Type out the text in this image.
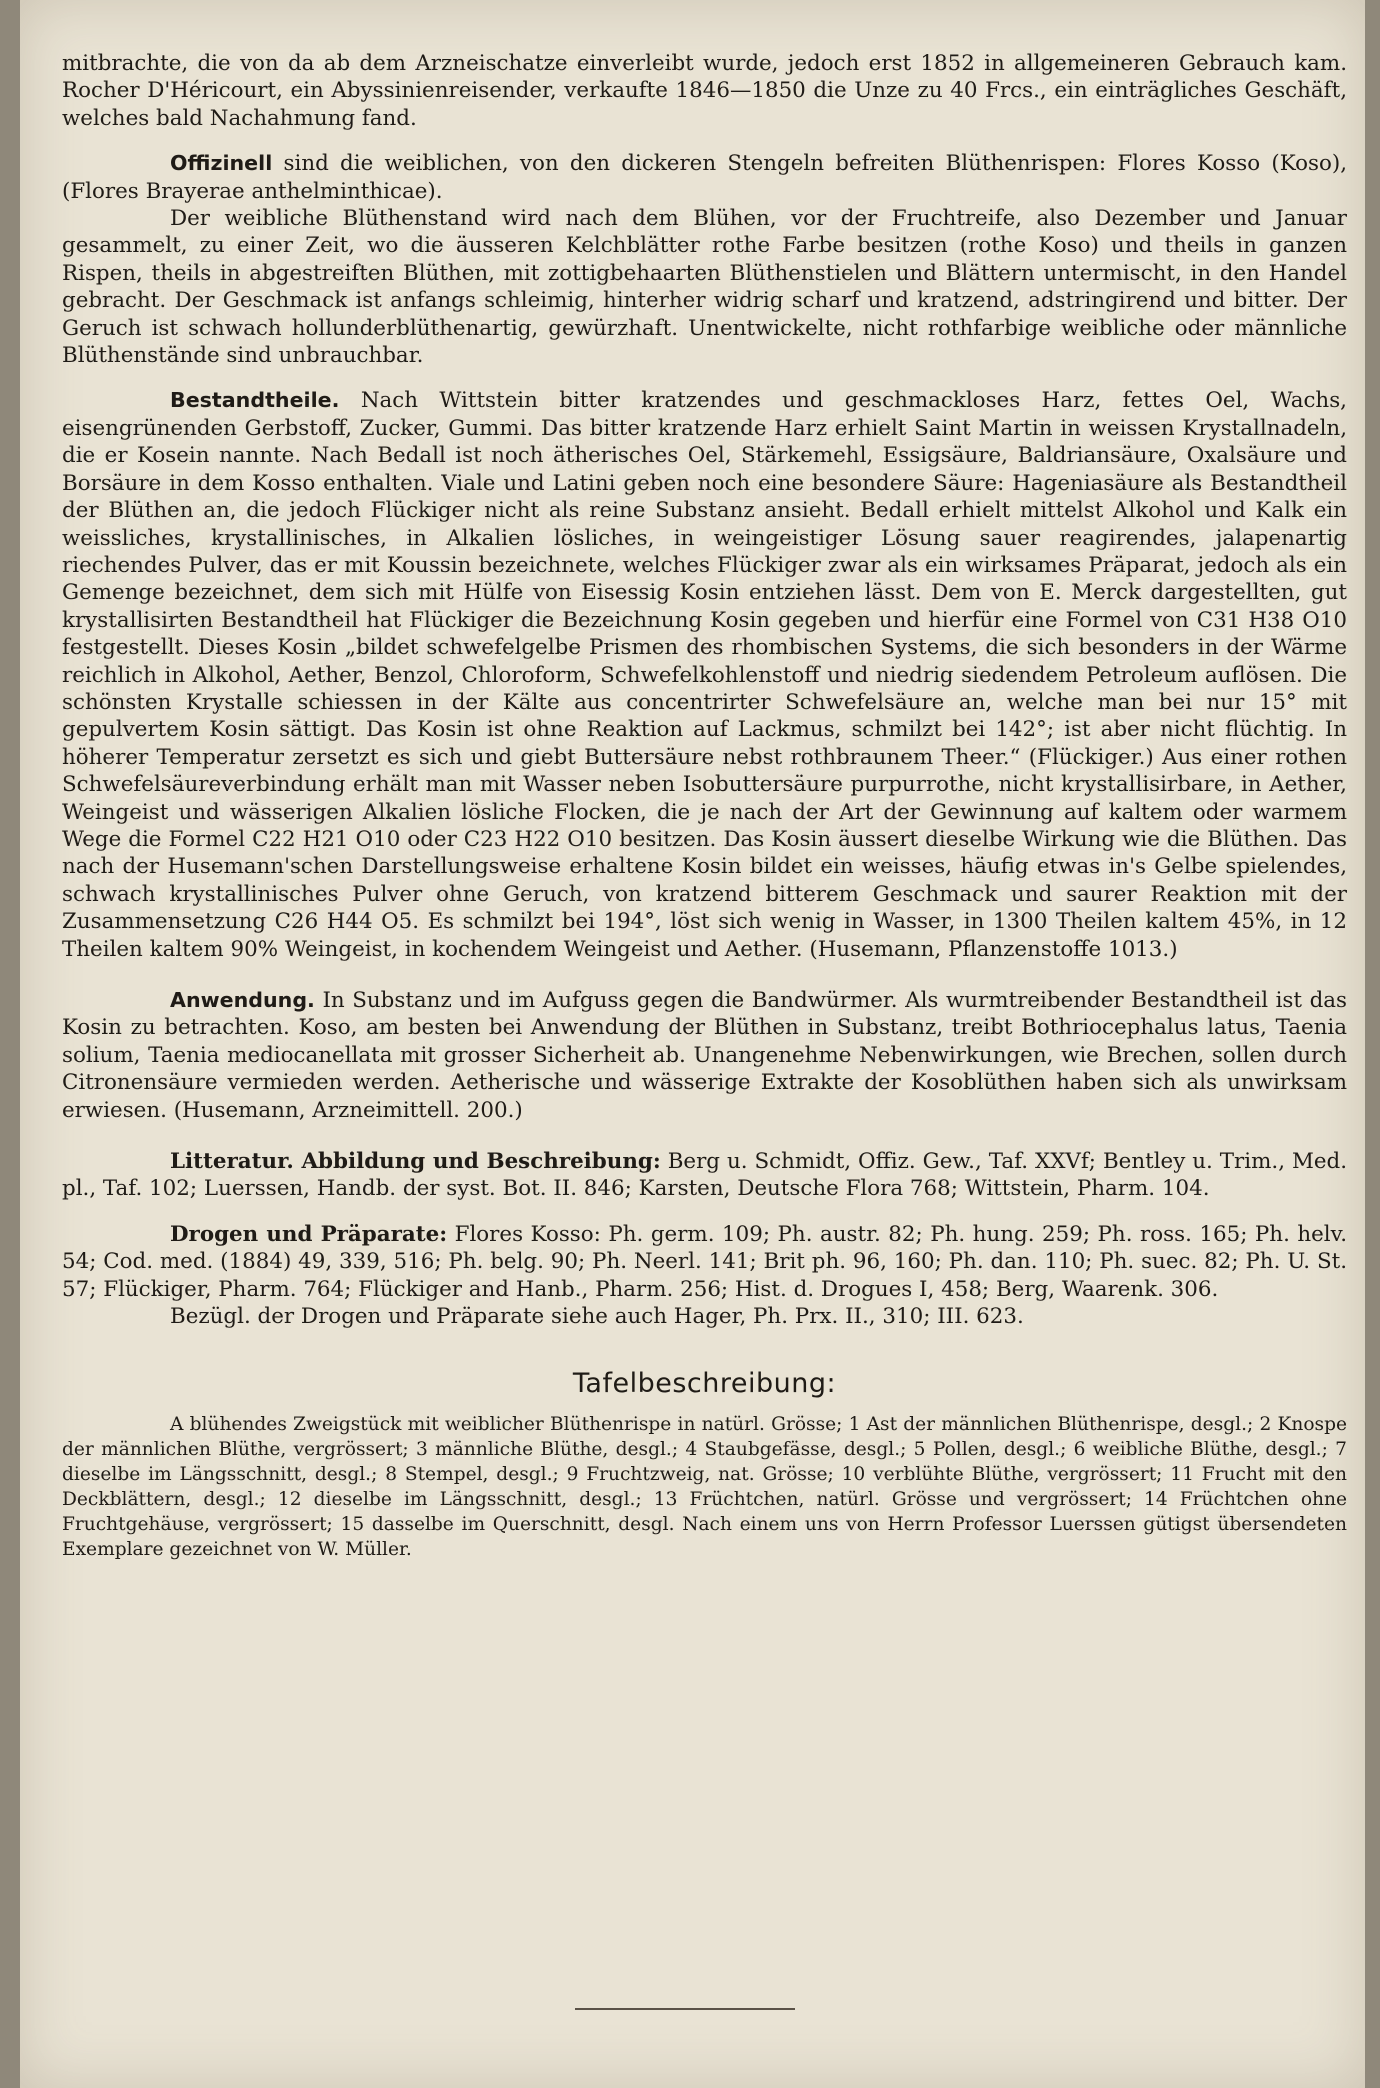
mitbrachte, die von da ab dem Arzneischatze einverleibt wurde, jedoch erst 1852 in allgemeineren Gebrauch kam. Rocher D'Héricourt, ein Abyssinienreisender, verkaufte 1846—1850 die Unze zu 40 Frcs., ein einträgliches Geschäft, welches bald Nachahmung fand.

Offizinell sind die weiblichen, von den dickeren Stengeln befreiten Blüthenrispen: Flores Kosso (Koso), (Flores Brayerae anthelminthicae).

Der weibliche Blüthenstand wird nach dem Blühen, vor der Fruchtreife, also Dezember und Januar gesammelt, zu einer Zeit, wo die äusseren Kelchblätter rothe Farbe besitzen (rothe Koso) und theils in ganzen Rispen, theils in abgestreiften Blüthen, mit zottigbehaarten Blüthenstielen und Blättern untermischt, in den Handel gebracht. Der Geschmack ist anfangs schleimig, hinterher widrig scharf und kratzend, adstringirend und bitter. Der Geruch ist schwach hollunderblüthenartig, gewürzhaft. Unentwickelte, nicht rothfarbige weibliche oder männliche Blüthenstände sind unbrauchbar.

Bestandtheile. Nach Wittstein bitter kratzendes und geschmackloses Harz, fettes Oel, Wachs, eisengrünenden Gerbstoff, Zucker, Gummi. Das bitter kratzende Harz erhielt Saint Martin in weissen Krystallnadeln, die er Kosein nannte. Nach Bedall ist noch ätherisches Oel, Stärkemehl, Essigsäure, Baldriansäure, Oxalsäure und Borsäure in dem Kosso enthalten. Viale und Latini geben noch eine besondere Säure: Hageniasäure als Bestandtheil der Blüthen an, die jedoch Flückiger nicht als reine Substanz ansieht. Bedall erhielt mittelst Alkohol und Kalk ein weissliches, krystallinisches, in Alkalien lösliches, in weingeistiger Lösung sauer reagirendes, jalapenartig riechendes Pulver, das er mit Koussin bezeichnete, welches Flückiger zwar als ein wirksames Präparat, jedoch als ein Gemenge bezeichnet, dem sich mit Hülfe von Eisessig Kosin entziehen lässt. Dem von E. Merck dargestellten, gut krystallisirten Bestandtheil hat Flückiger die Bezeichnung Kosin gegeben und hierfür eine Formel von C31 H38 O10 festgestellt. Dieses Kosin „bildet schwefelgelbe Prismen des rhombischen Systems, die sich besonders in der Wärme reichlich in Alkohol, Aether, Benzol, Chloroform, Schwefelkohlenstoff und niedrig siedendem Petroleum auflösen. Die schönsten Krystalle schiessen in der Kälte aus concentrirter Schwefelsäure an, welche man bei nur 15° mit gepulvertem Kosin sättigt. Das Kosin ist ohne Reaktion auf Lackmus, schmilzt bei 142°; ist aber nicht flüchtig. In höherer Temperatur zersetzt es sich und giebt Buttersäure nebst rothbraunem Theer.“ (Flückiger.) Aus einer rothen Schwefelsäureverbindung erhält man mit Wasser neben Isobuttersäure purpurrothe, nicht krystallisirbare, in Aether, Weingeist und wässerigen Alkalien lösliche Flocken, die je nach der Art der Gewinnung auf kaltem oder warmem Wege die Formel C22 H21 O10 oder C23 H22 O10 besitzen. Das Kosin äussert dieselbe Wirkung wie die Blüthen. Das nach der Husemann'schen Darstellungsweise erhaltene Kosin bildet ein weisses, häufig etwas in's Gelbe spielendes, schwach krystallinisches Pulver ohne Geruch, von kratzend bitterem Geschmack und saurer Reaktion mit der Zusammensetzung C26 H44 O5. Es schmilzt bei 194°, löst sich wenig in Wasser, in 1300 Theilen kaltem 45%, in 12 Theilen kaltem 90% Weingeist, in kochendem Weingeist und Aether. (Husemann, Pflanzenstoffe 1013.)

Anwendung. In Substanz und im Aufguss gegen die Bandwürmer. Als wurmtreibender Bestandtheil ist das Kosin zu betrachten. Koso, am besten bei Anwendung der Blüthen in Substanz, treibt Bothriocephalus latus, Taenia solium, Taenia mediocanellata mit grosser Sicherheit ab. Unangenehme Nebenwirkungen, wie Brechen, sollen durch Citronensäure vermieden werden. Aetherische und wässerige Extrakte der Kosoblüthen haben sich als unwirksam erwiesen. (Husemann, Arzneimittell. 200.)

Litteratur. Abbildung und Beschreibung: Berg u. Schmidt, Offiz. Gew., Taf. XXVf; Bentley u. Trim., Med. pl., Taf. 102; Luerssen, Handb. der syst. Bot. II. 846; Karsten, Deutsche Flora 768; Wittstein, Pharm. 104.

Drogen und Präparate: Flores Kosso: Ph. germ. 109; Ph. austr. 82; Ph. hung. 259; Ph. ross. 165; Ph. helv. 54; Cod. med. (1884) 49, 339, 516; Ph. belg. 90; Ph. Neerl. 141; Brit ph. 96, 160; Ph. dan. 110; Ph. suec. 82; Ph. U. St. 57; Flückiger, Pharm. 764; Flückiger and Hanb., Pharm. 256; Hist. d. Drogues I, 458; Berg, Waarenk. 306.

Bezügl. der Drogen und Präparate siehe auch Hager, Ph. Prx. II., 310; III. 623.

Tafelbeschreibung:

A blühendes Zweigstück mit weiblicher Blüthenrispe in natürl. Grösse; 1 Ast der männlichen Blüthenrispe, desgl.; 2 Knospe der männlichen Blüthe, vergrössert; 3 männliche Blüthe, desgl.; 4 Staubgefässe, desgl.; 5 Pollen, desgl.; 6 weibliche Blüthe, desgl.; 7 dieselbe im Längsschnitt, desgl.; 8 Stempel, desgl.; 9 Fruchtzweig, nat. Grösse; 10 verblühte Blüthe, vergrössert; 11 Frucht mit den Deckblättern, desgl.; 12 dieselbe im Längsschnitt, desgl.; 13 Früchtchen, natürl. Grösse und vergrössert; 14 Früchtchen ohne Fruchtgehäuse, vergrössert; 15 dasselbe im Querschnitt, desgl. Nach einem uns von Herrn Professor Luerssen gütigst übersendeten Exemplare gezeichnet von W. Müller.
